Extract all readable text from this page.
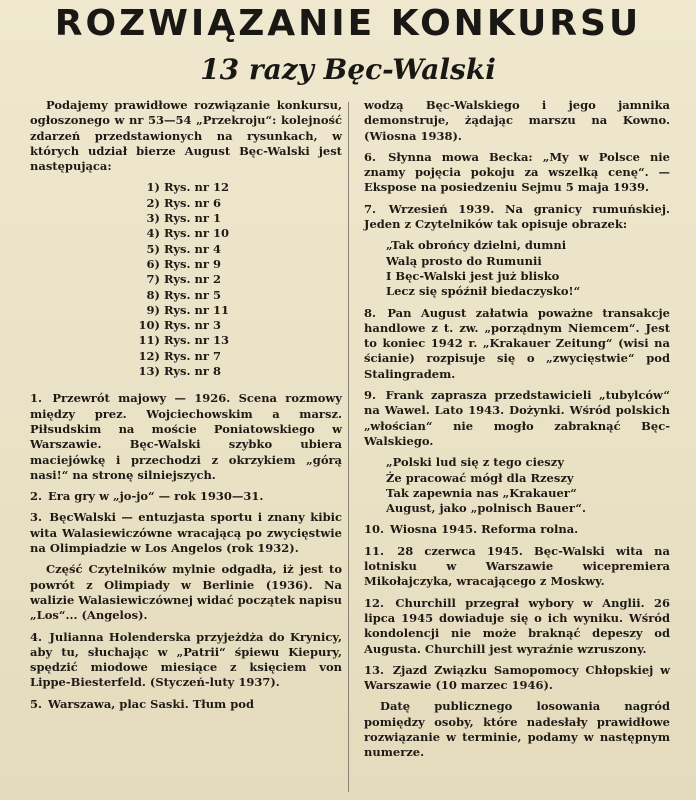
ROZWIĄZANIE KONKURSU
13 razy Bęc-Walski

Podajemy prawidłowe rozwiązanie konkursu, ogłoszonego w nr 53—54 „Przekroju“: kolejność zdarzeń przedstawionych na rysunkach, w których udział bierze August Bęc-Walski jest następująca:

1) Rys. nr 12
2) Rys. nr 6
3) Rys. nr 1
4) Rys. nr 10
5) Rys. nr 4
6) Rys. nr 9
7) Rys. nr 2
8) Rys. nr 5
9) Rys. nr 11
10) Rys. nr 3
11) Rys. nr 13
12) Rys. nr 7
13) Rys. nr 8

1. Przewrót majowy — 1926. Scena rozmowy między prez. Wojciechowskim a marsz. Piłsudskim na moście Poniatowskiego w Warszawie. Bęc-Walski szybko ubiera maciejówkę i przechodzi z okrzykiem „górą nasi!“ na stronę silniejszych.

2. Era gry w „jo-jo“ — rok 1930—31.

3. BęcWalski — entuzjasta sportu i znany kibic wita Walasiewiczówne wracającą po zwycięstwie na Olimpiadzie w Los Angelos (rok 1932).

Część Czytelników mylnie odgadła, iż jest to powrót z Olimpiady w Berlinie (1936). Na walizie Walasiewiczównej widać początek napisu „Los“... (Angelos).

4. Julianna Holenderska przyjeżdża do Krynicy, aby tu, słuchając w „Patrii“ śpiewu Kiepury, spędzić miodowe miesiące z księciem von Lippe-Biesterfeld. (Styczeń-luty 1937).

5. Warszawa, plac Saski. Tłum pod

wodzą Bęc-Walskiego i jego jamnika demonstruje, żądając marszu na Kowno. (Wiosna 1938).

6. Słynna mowa Becka: „My w Polsce nie znamy pojęcia pokoju za wszelką cenę“. — Ekspose na posiedzeniu Sejmu 5 maja 1939.

7. Wrzesień 1939. Na granicy rumuńskiej. Jeden z Czytelników tak opisuje obrazek:

„Tak obrońcy dzielni, dumni
Walą prosto do Rumunii
I Bęc-Walski jest już blisko
Lecz się spóźnił biedaczysko!“

8. Pan August załatwia poważne transakcje handlowe z t. zw. „porządnym Niemcem“. Jest to koniec 1942 r. „Krakauer Zeitung“ (wisi na ścianie) rozpisuje się o „zwycięstwie“ pod Stalingradem.

9. Frank zaprasza przedstawicieli „tubylców“ na Wawel. Lato 1943. Dożynki. Wśród polskich „włościan“ nie mogło zabraknąć Bęc-Walskiego.

„Polski lud się z tego cieszy
Że pracować mógł dla Rzeszy
Tak zapewnia nas „Krakauer“
August, jako „polnisch Bauer“.

10. Wiosna 1945. Reforma rolna.

11. 28 czerwca 1945. Bęc-Walski wita na lotnisku w Warszawie wicepremiera Mikołajczyka, wracającego z Moskwy.

12. Churchill przegrał wybory w Anglii. 26 lipca 1945 dowiaduje się o ich wyniku. Wśród kondolencji nie może braknąć depeszy od Augusta. Churchill jest wyraźnie wzruszony.

13. Zjazd Związku Samopomocy Chłopskiej w Warszawie (10 marzec 1946).

Datę publicznego losowania nagród pomiędzy osoby, które nadesłały prawidłowe rozwiązanie w terminie, podamy w następnym numerze.
